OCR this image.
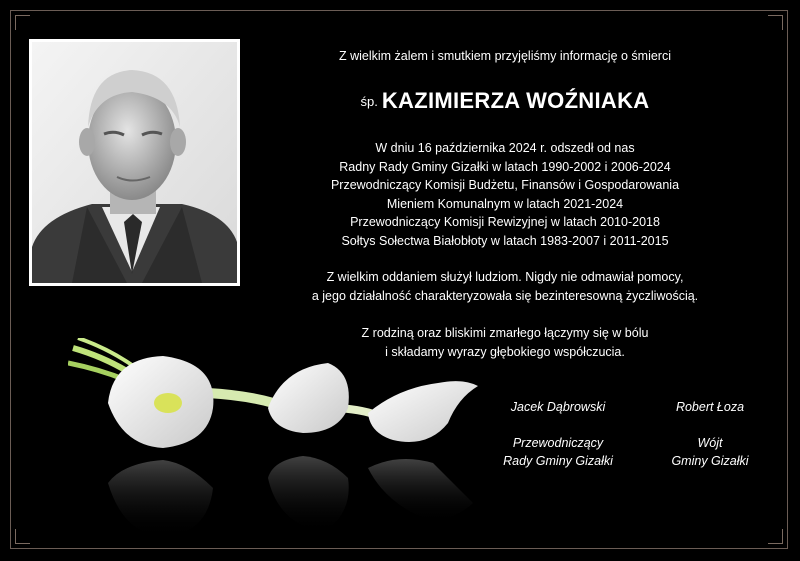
Z wielkim żalem i smutkiem przyjęliśmy informację o śmierci
śp. KAZIMIERZA WOŹNIAKA
W dniu 16 października 2024 r. odszedł od nas
Radny Rady Gminy Gizałki w latach 1990-2002 i 2006-2024
Przewodniczący Komisji Budżetu, Finansów i Gospodarowania
Mieniem Komunalnym w latach 2021-2024
Przewodniczący Komisji Rewizyjnej w latach 2010-2018
Sołtys Sołectwa Białobłoty w latach 1983-2007 i 2011-2015
Z wielkim oddaniem służył ludziom. Nigdy nie odmawiał pomocy,
a jego działalność charakteryzowała się bezinteresowną życzliwością.
Z rodziną oraz bliskimi zmarłego łączymy się w bólu
i składamy wyrazy głębokiego współczucia.
Jacek Dąbrowski
Przewodniczący
Rady Gminy Gizałki
Robert Łoza
Wójt
Gminy Gizałki
